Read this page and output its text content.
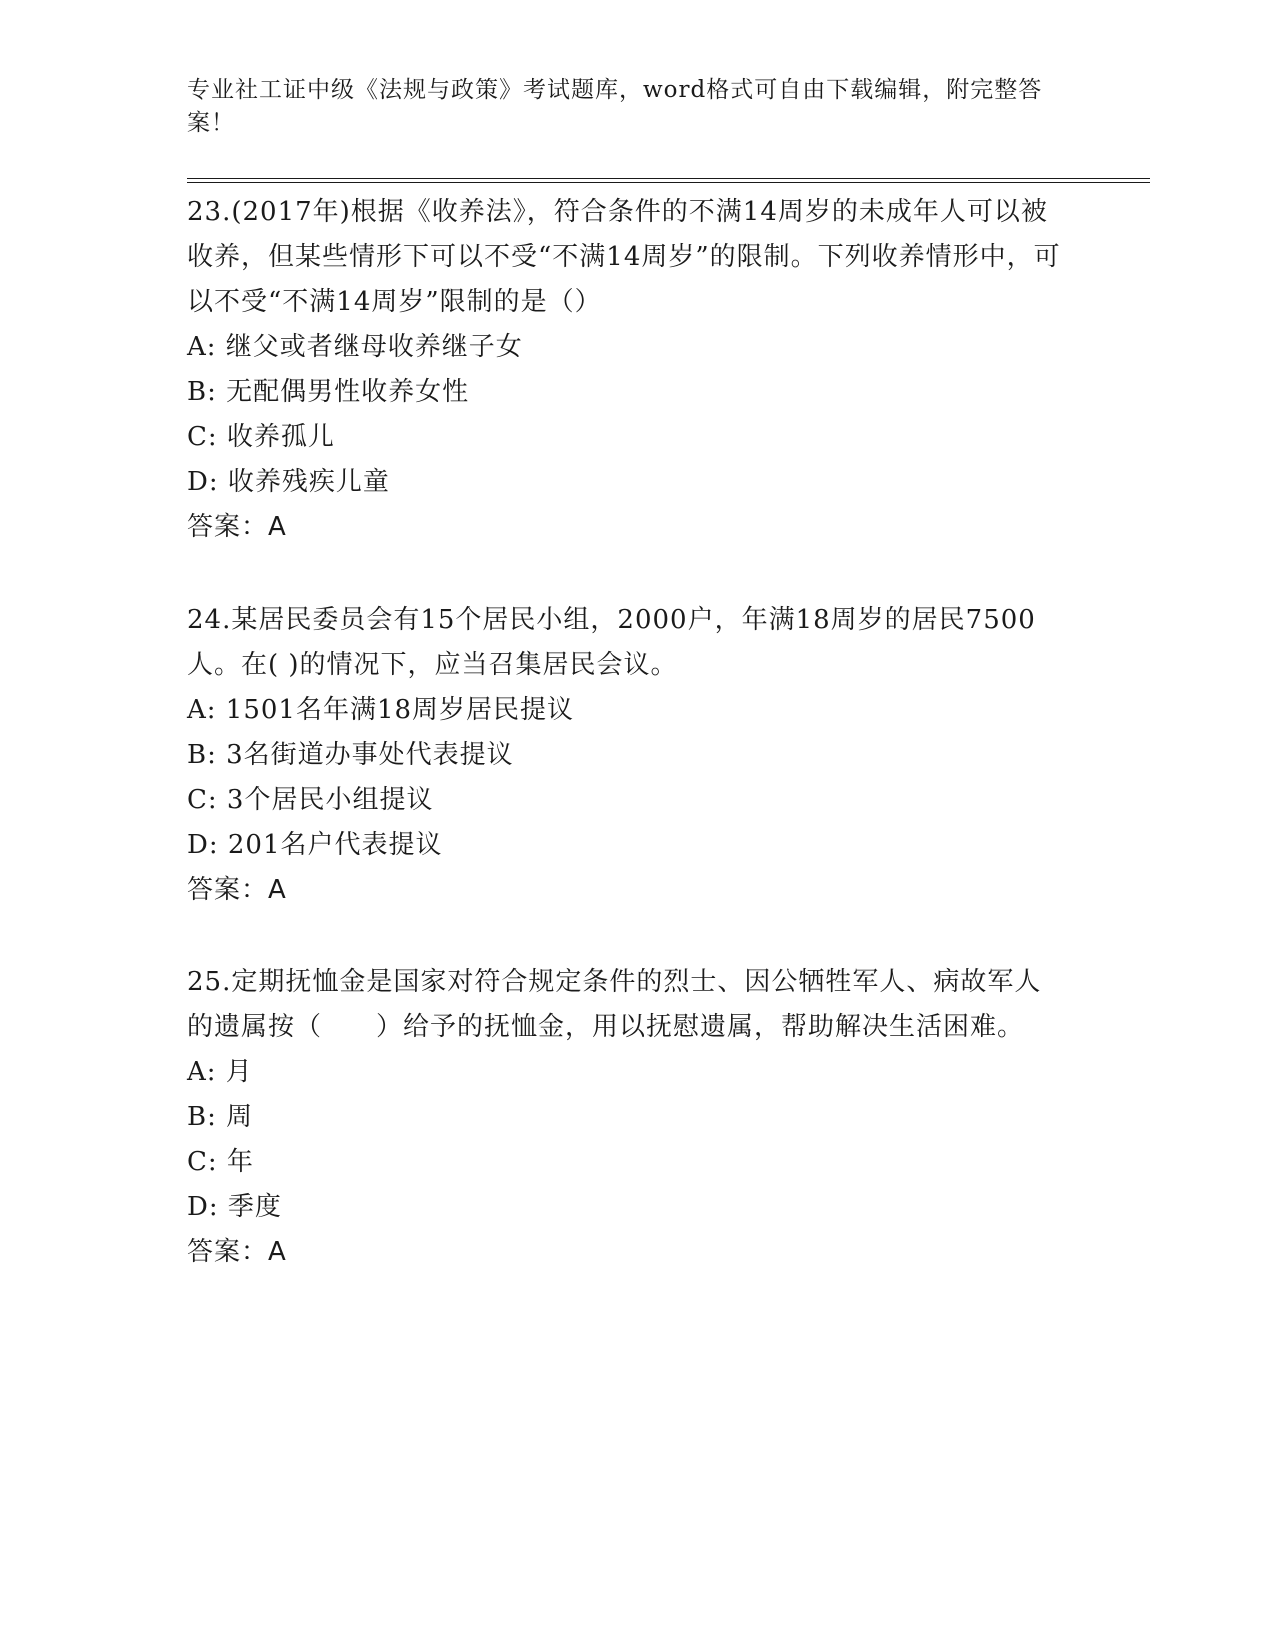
专业社工证中级《法规与政策》考试题库，word格式可自由下载编辑，附完整答案！

23.(2017年)根据《收养法》，符合条件的不满14周岁的未成年人可以被收养，但某些情形下可以不受“不满14周岁”的限制。下列收养情形中，可以不受“不满14周岁”限制的是（）

A: 继父或者继母收养继子女

B: 无配偶男性收养女性

C: 收养孤儿

D: 收养残疾儿童

答案：A

24.某居民委员会有15个居民小组，2000户，年满18周岁的居民7500人。在( )的情况下，应当召集居民会议。

A: 1501名年满18周岁居民提议

B: 3名街道办事处代表提议

C: 3个居民小组提议

D: 201名户代表提议

答案：A

25.定期抚恤金是国家对符合规定条件的烈士、因公牺牲军人、病故军人的遗属按（　　）给予的抚恤金，用以抚慰遗属，帮助解决生活困难。

A: 月

B: 周

C: 年

D: 季度

答案：A
